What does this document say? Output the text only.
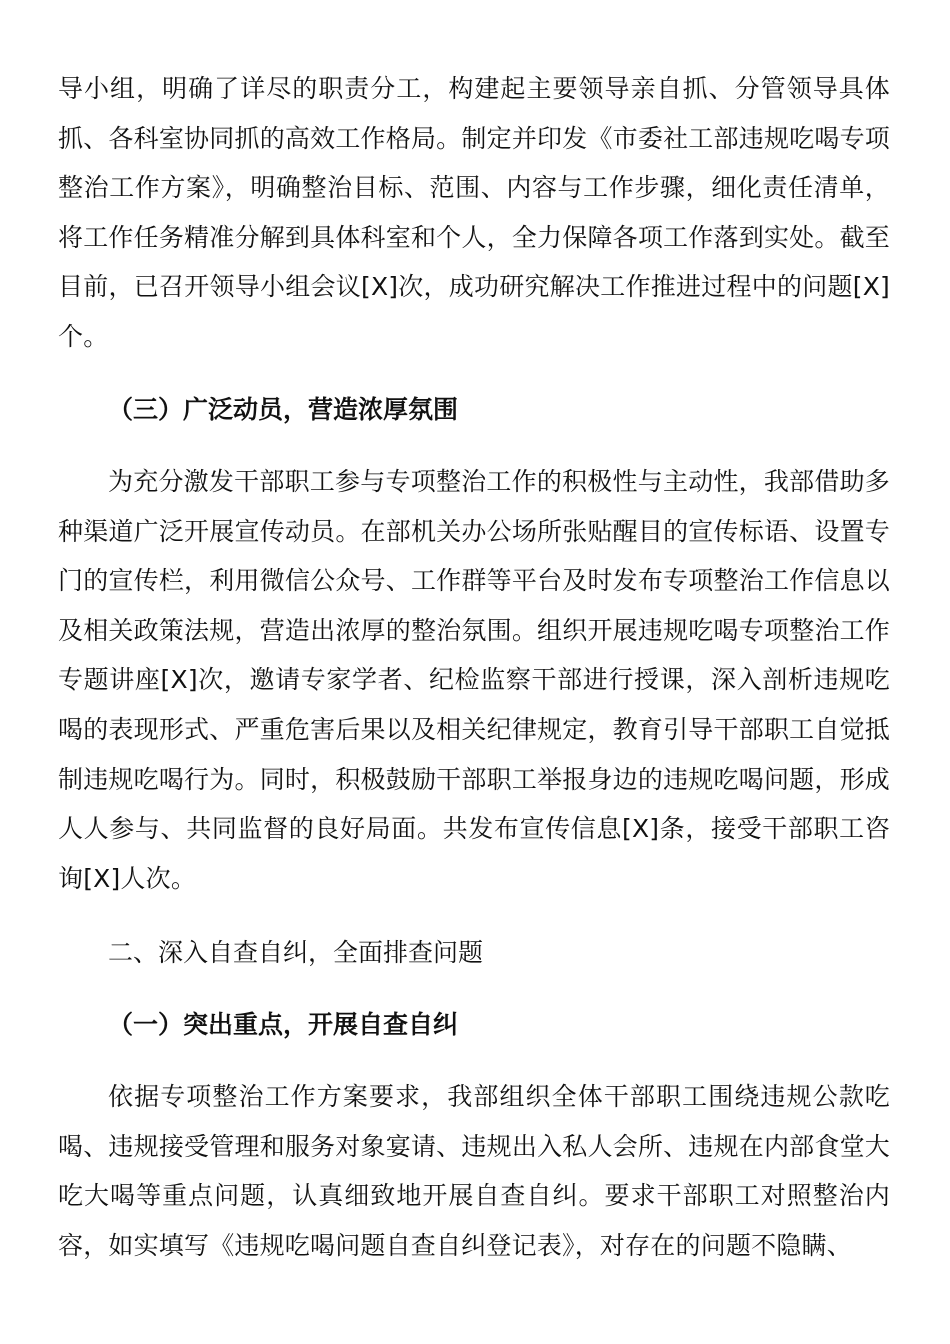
导小组，明确了详尽的职责分工，构建起主要领导亲自抓、分管领导具体抓、各科室协同抓的高效工作格局。制定并印发《市委社工部违规吃喝专项整治工作方案》，明确整治目标、范围、内容与工作步骤，细化责任清单，将工作任务精准分解到具体科室和个人，全力保障各项工作落到实处。截至目前，已召开领导小组会议[X]次，成功研究解决工作推进过程中的问题[X]个。

（三）广泛动员，营造浓厚氛围

为充分激发干部职工参与专项整治工作的积极性与主动性，我部借助多种渠道广泛开展宣传动员。在部机关办公场所张贴醒目的宣传标语、设置专门的宣传栏，利用微信公众号、工作群等平台及时发布专项整治工作信息以及相关政策法规，营造出浓厚的整治氛围。组织开展违规吃喝专项整治工作专题讲座[X]次，邀请专家学者、纪检监察干部进行授课，深入剖析违规吃喝的表现形式、严重危害后果以及相关纪律规定，教育引导干部职工自觉抵制违规吃喝行为。同时，积极鼓励干部职工举报身边的违规吃喝问题，形成人人参与、共同监督的良好局面。共发布宣传信息[X]条，接受干部职工咨询[X]人次。

二、深入自查自纠，全面排查问题

（一）突出重点，开展自查自纠

依据专项整治工作方案要求，我部组织全体干部职工围绕违规公款吃喝、违规接受管理和服务对象宴请、违规出入私人会所、违规在内部食堂大吃大喝等重点问题，认真细致地开展自查自纠。要求干部职工对照整治内容，如实填写《违规吃喝问题自查自纠登记表》，对存在的问题不隐瞒、
